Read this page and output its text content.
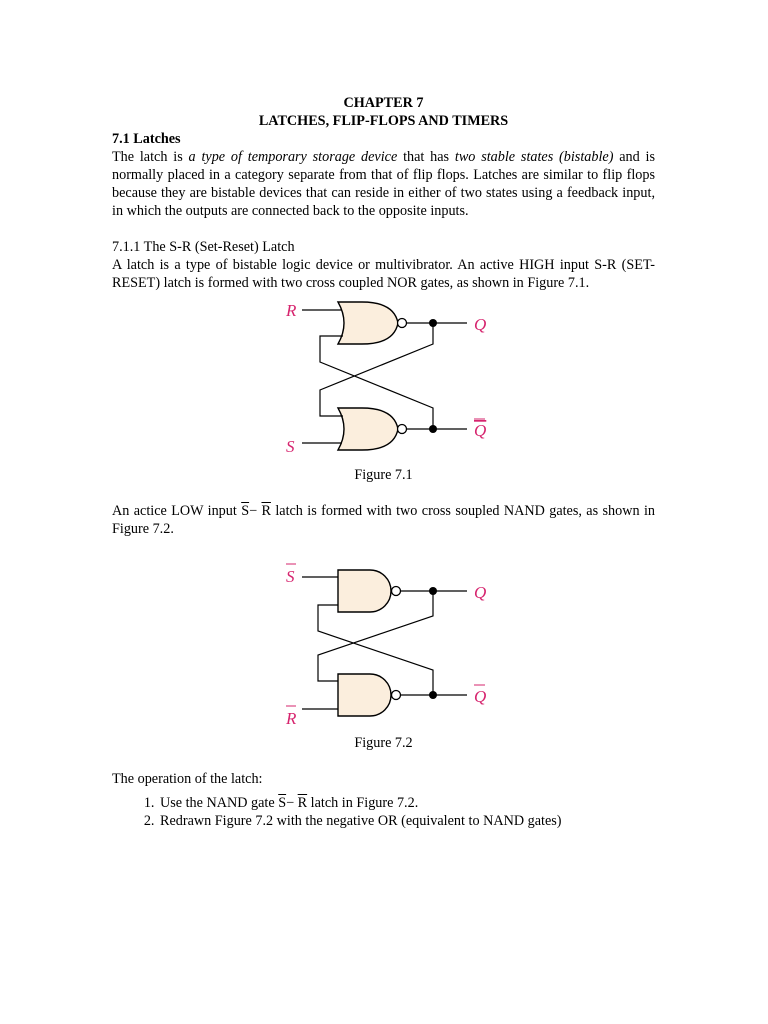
CHAPTER 7
LATCHES, FLIP-FLOPS AND TIMERS
7.1 Latches

The latch is a type of temporary storage device that has two stable states (bistable) and is normally placed in a category separate from that of flip flops. Latches are similar to flip flops because they are bistable devices that can reside in either of two states using a feedback input, in which the outputs are connected back to the opposite inputs.

7.1.1 The S-R (Set-Reset) Latch

A latch is a type of bistable logic device or multivibrator. An active HIGH input S-R (SET-RESET) latch is formed with two cross coupled NOR gates, as shown in Figure 7.1.

R
S
Q
Q

Figure 7.1

An actice LOW input $\overline{S}- \overline{R}$ latch is formed with two cross soupled NAND gates, as shown in Figure 7.2.

S
R
Q
Q

Figure 7.2

The operation of the latch:
1. Use the NAND gate $\overline{S}- \overline{R}$ latch in Figure 7.2.
2. Redrawn Figure 7.2 with the negative OR (equivalent to NAND gates)
